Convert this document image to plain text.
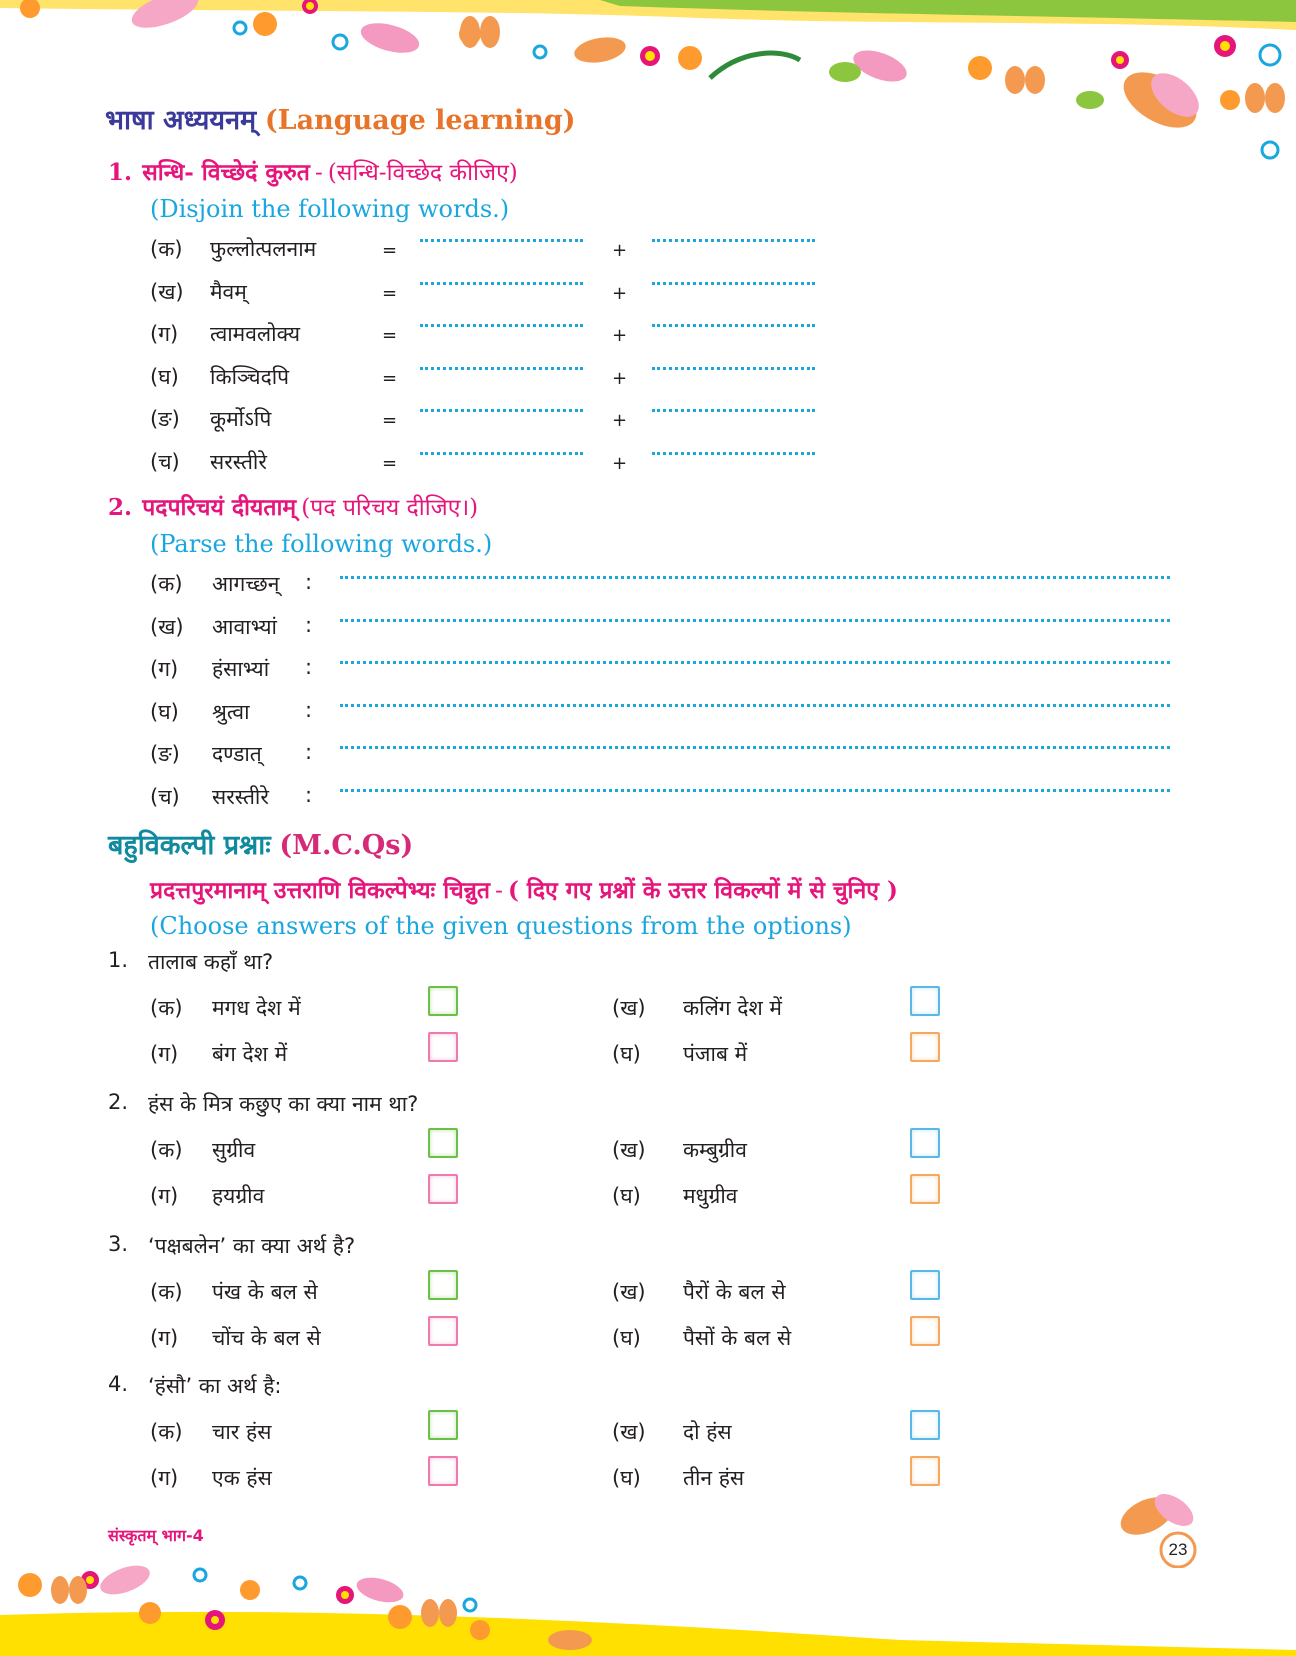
भाषा अध्ययनम् (Language learning)
1. सन्धि- विच्छेदं कुरुत - (सन्धि-विच्छेद कीजिए)
(Disjoin the following words.)
(क) फुल्लोत्पलनाम	=	+
(ख) मैवम्	=	+
(ग) त्वामवलोक्य	=	+
(घ) किञ्चिदपि	=	+
(ङ) कूर्मोऽपि	=	+
(च) सरस्तीरे	=	+
2. पदपरिचयं दीयताम् (पद परिचय दीजिए।)
(Parse the following words.)
(क) आगच्छन् :
(ख) आवाभ्यां :
(ग) हंसाभ्यां :
(घ) श्रुत्वा	:
(ङ) दण्डात् :
(च) सरस्तीरे :
बहुविकल्पी प्रश्नाः (M.C.Qs)
प्रदत्तपुरमानाम् उत्तराणि विकल्पेभ्यः चिन्नुत - ( दिए गए प्रश्नों के उत्तर विकल्पों में से चुनिए )
(Choose answers of the given questions from the options)
1. तालाब कहाँ था?
(क) मगध देश में	(ख) कलिंग देश में
(ग) बंग देश में	(घ) पंजाब में
2. हंस के मित्र कछुए का क्या नाम था?
(क) सुग्रीव	(ख) कम्बुग्रीव
(ग) हयग्रीव	(घ) मधुग्रीव
3. ‘पक्षबलेन’ का क्या अर्थ है?
(क) पंख के बल से	(ख) पैरों के बल से
(ग) चोंच के बल से	(घ) पैसों के बल से
4. ‘हंसौ’ का अर्थ है:
(क) चार हंस	(ख) दो हंस
(ग) एक हंस	(घ) तीन हंस
संस्कृतम् भाग-4
23
